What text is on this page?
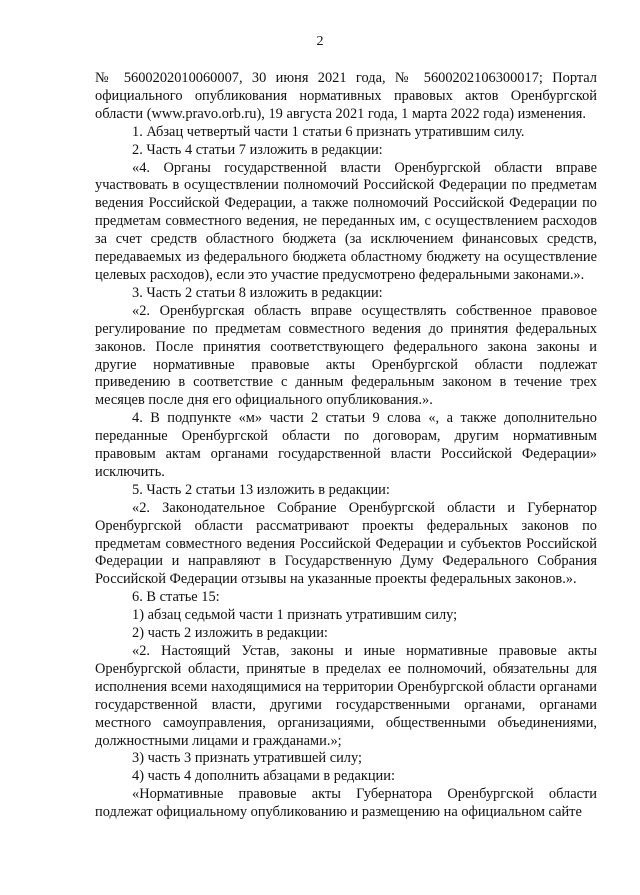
2

№ 5600202010060007, 30 июня 2021 года, № 5600202106300017; Портал официального опубликования нормативных правовых актов Оренбургской области (www.pravo.orb.ru), 19 августа 2021 года, 1 марта 2022 года) изменения.

1. Абзац четвертый части 1 статьи 6 признать утратившим силу.

2. Часть 4 статьи 7 изложить в редакции:

«4. Органы государственной власти Оренбургской области вправе участвовать в осуществлении полномочий Российской Федерации по предметам ведения Российской Федерации, а также полномочий Российской Федерации по предметам совместного ведения, не переданных им, с осуществлением расходов за счет средств областного бюджета (за исключением финансовых средств, передаваемых из федерального бюджета областному бюджету на осуществление целевых расходов), если это участие предусмотрено федеральными законами.».

3. Часть 2 статьи 8 изложить в редакции:

«2. Оренбургская область вправе осуществлять собственное правовое регулирование по предметам совместного ведения до принятия федеральных законов. После принятия соответствующего федерального закона законы и другие нормативные правовые акты Оренбургской области подлежат приведению в соответствие с данным федеральным законом в течение трех месяцев после дня его официального опубликования.».

4. В подпункте «м» части 2 статьи 9 слова «, а также дополнительно переданные Оренбургской области по договорам, другим нормативным правовым актам органами государственной власти Российской Федерации» исключить.

5. Часть 2 статьи 13 изложить в редакции:

«2. Законодательное Собрание Оренбургской области и Губернатор Оренбургской области рассматривают проекты федеральных законов по предметам совместного ведения Российской Федерации и субъектов Российской Федерации и направляют в Государственную Думу Федерального Собрания Российской Федерации отзывы на указанные проекты федеральных законов.».

6. В статье 15:

1) абзац седьмой части 1 признать утратившим силу;

2) часть 2 изложить в редакции:

«2. Настоящий Устав, законы и иные нормативные правовые акты Оренбургской области, принятые в пределах ее полномочий, обязательны для исполнения всеми находящимися на территории Оренбургской области органами государственной власти, другими государственными органами, органами местного самоуправления, организациями, общественными объединениями, должностными лицами и гражданами.»;

3) часть 3 признать утратившей силу;

4) часть 4 дополнить абзацами в редакции:

«Нормативные правовые акты Губернатора Оренбургской области подлежат официальному опубликованию и размещению на официальном сайте
